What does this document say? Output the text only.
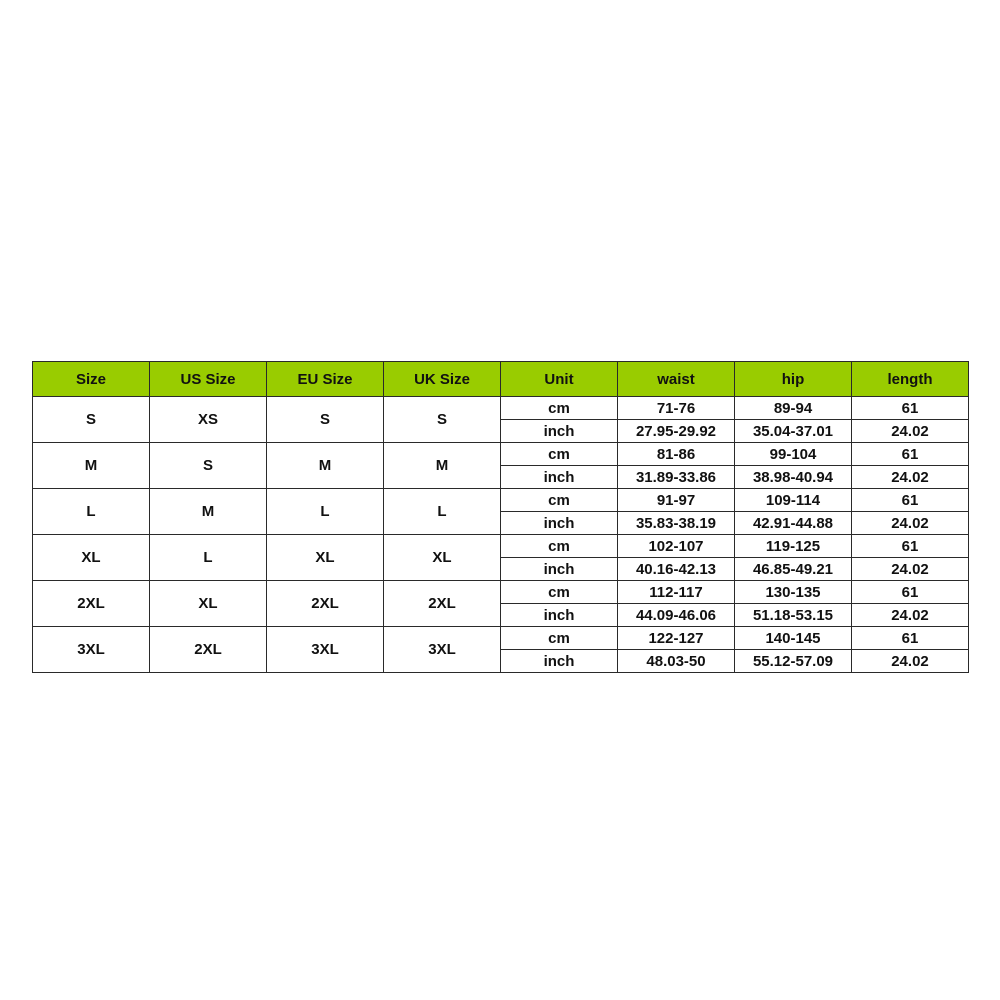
Size	US Size	EU Size	UK Size	Unit	waist	hip	length
S	XS	S	S	cm	71-76	89-94	61
				inch	27.95-29.92	35.04-37.01	24.02
M	S	M	M	cm	81-86	99-104	61
				inch	31.89-33.86	38.98-40.94	24.02
L	M	L	L	cm	91-97	109-114	61
				inch	35.83-38.19	42.91-44.88	24.02
XL	L	XL	XL	cm	102-107	119-125	61
				inch	40.16-42.13	46.85-49.21	24.02
2XL	XL	2XL	2XL	cm	112-117	130-135	61
				inch	44.09-46.06	51.18-53.15	24.02
3XL	2XL	3XL	3XL	cm	122-127	140-145	61
				inch	48.03-50	55.12-57.09	24.02
